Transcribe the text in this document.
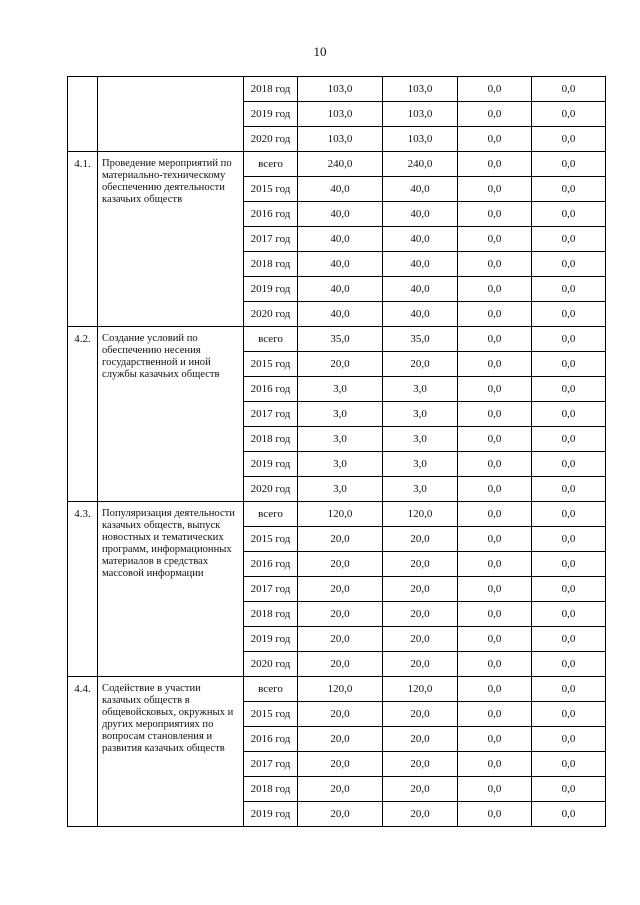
10
		2018 год	103,0	103,0	0,0	0,0
		2019 год	103,0	103,0	0,0	0,0
		2020 год	103,0	103,0	0,0	0,0
4.1.	Проведение мероприятий по материально-техническому обеспечению деятельности казачьих обществ	всего	240,0	240,0	0,0	0,0
		2015 год	40,0	40,0	0,0	0,0
		2016 год	40,0	40,0	0,0	0,0
		2017 год	40,0	40,0	0,0	0,0
		2018 год	40,0	40,0	0,0	0,0
		2019 год	40,0	40,0	0,0	0,0
		2020 год	40,0	40,0	0,0	0,0
4.2.	Создание условий по обеспечению несения государственной и иной службы казачьих обществ	всего	35,0	35,0	0,0	0,0
		2015 год	20,0	20,0	0,0	0,0
		2016 год	3,0	3,0	0,0	0,0
		2017 год	3,0	3,0	0,0	0,0
		2018 год	3,0	3,0	0,0	0,0
		2019 год	3,0	3,0	0,0	0,0
		2020 год	3,0	3,0	0,0	0,0
4.3.	Популяризация деятельности казачьих обществ, выпуск новостных и тематических программ, информационных материалов в средствах массовой информации	всего	120,0	120,0	0,0	0,0
		2015 год	20,0	20,0	0,0	0,0
		2016 год	20,0	20,0	0,0	0,0
		2017 год	20,0	20,0	0,0	0,0
		2018 год	20,0	20,0	0,0	0,0
		2019 год	20,0	20,0	0,0	0,0
		2020 год	20,0	20,0	0,0	0,0
4.4.	Содействие в участии казачьих обществ в общевойсковых, окружных и других мероприятиях по вопросам становления и развития казачьих обществ	всего	120,0	120,0	0,0	0,0
		2015 год	20,0	20,0	0,0	0,0
		2016 год	20,0	20,0	0,0	0,0
		2017 год	20,0	20,0	0,0	0,0
		2018 год	20,0	20,0	0,0	0,0
		2019 год	20,0	20,0	0,0	0,0
